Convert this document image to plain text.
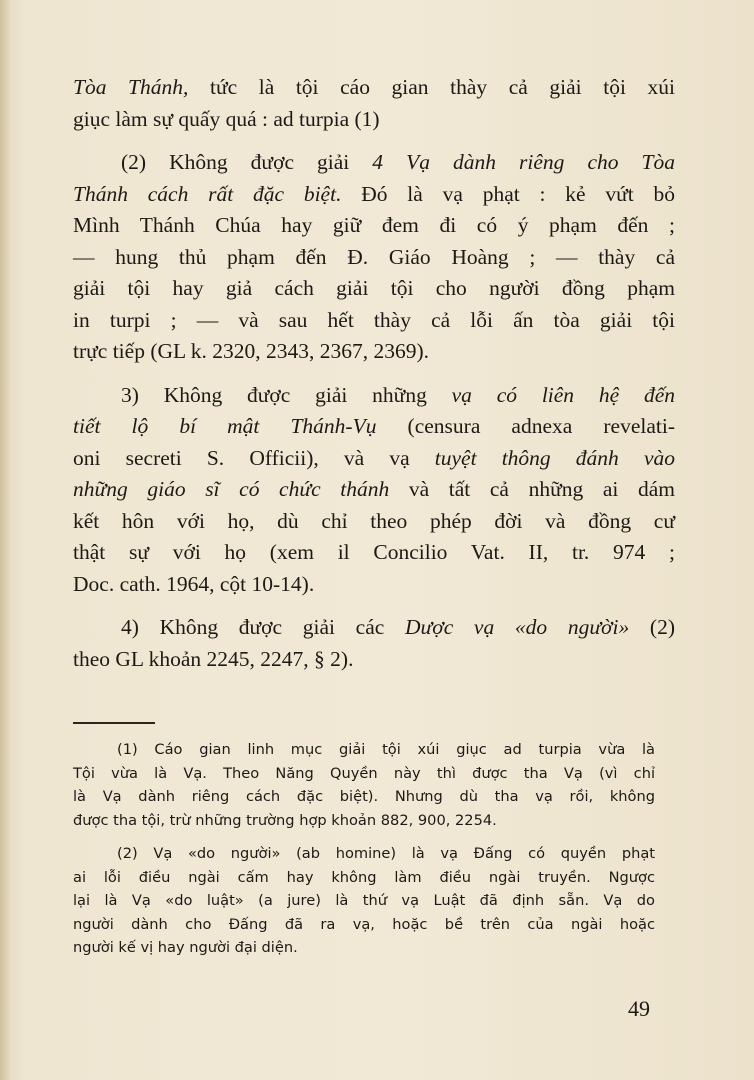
Tòa Thánh, tức là tội cáo gian thày cả giải tội xúi
giục làm sự quấy quá : ad turpia (1)

(2) Không được giải 4 Vạ dành riêng cho Tòa

Thánh cách rất đặc biệt. Đó là vạ phạt : kẻ vứt bỏ
Mình Thánh Chúa hay giữ đem đi có ý phạm đến ;
— hung thủ phạm đến Đ. Giáo Hoàng ; — thày cả
giải tội hay giả cách giải tội cho người đồng phạm
in turpi ; — và sau hết thày cả lỗi ấn tòa giải tội
trực tiếp (GL k. 2320, 2343, 2367, 2369).

3) Không được giải những vạ có liên hệ đến

tiết lộ bí mật Thánh-Vụ (censura adnexa revelati-
oni secreti S. Officii), và vạ tuyệt thông đánh vào
những giáo sĩ có chức thánh và tất cả những ai dám
kết hôn với họ, dù chỉ theo phép đời và đồng cư
thật sự với họ (xem il Concilio Vat. II, tr. 974 ;
Doc. cath. 1964, cột 10-14).

4) Không được giải các Dược vạ «do người» (2)

theo GL khoản 2245, 2247, § 2).

(1) Cáo gian linh mục giải tội xúi giục ad turpia vừa là
Tội vừa là Vạ. Theo Năng Quyền này thì được tha Vạ (vì chỉ
là Vạ dành riêng cách đặc biệt). Nhưng dù tha vạ rồi, không
được tha tội, trừ những trường hợp khoản 882, 900, 2254.

(2) Vạ «do người» (ab homine) là vạ Đấng có quyền phạt
ai lỗi điều ngài cấm hay không làm điều ngài truyền. Ngược
lại là Vạ «do luật» (a jure) là thứ vạ Luật đã định sẵn. Vạ do
người dành cho Đấng đã ra vạ, hoặc bề trên của ngài hoặc
người kế vị hay người đại diện.

49
